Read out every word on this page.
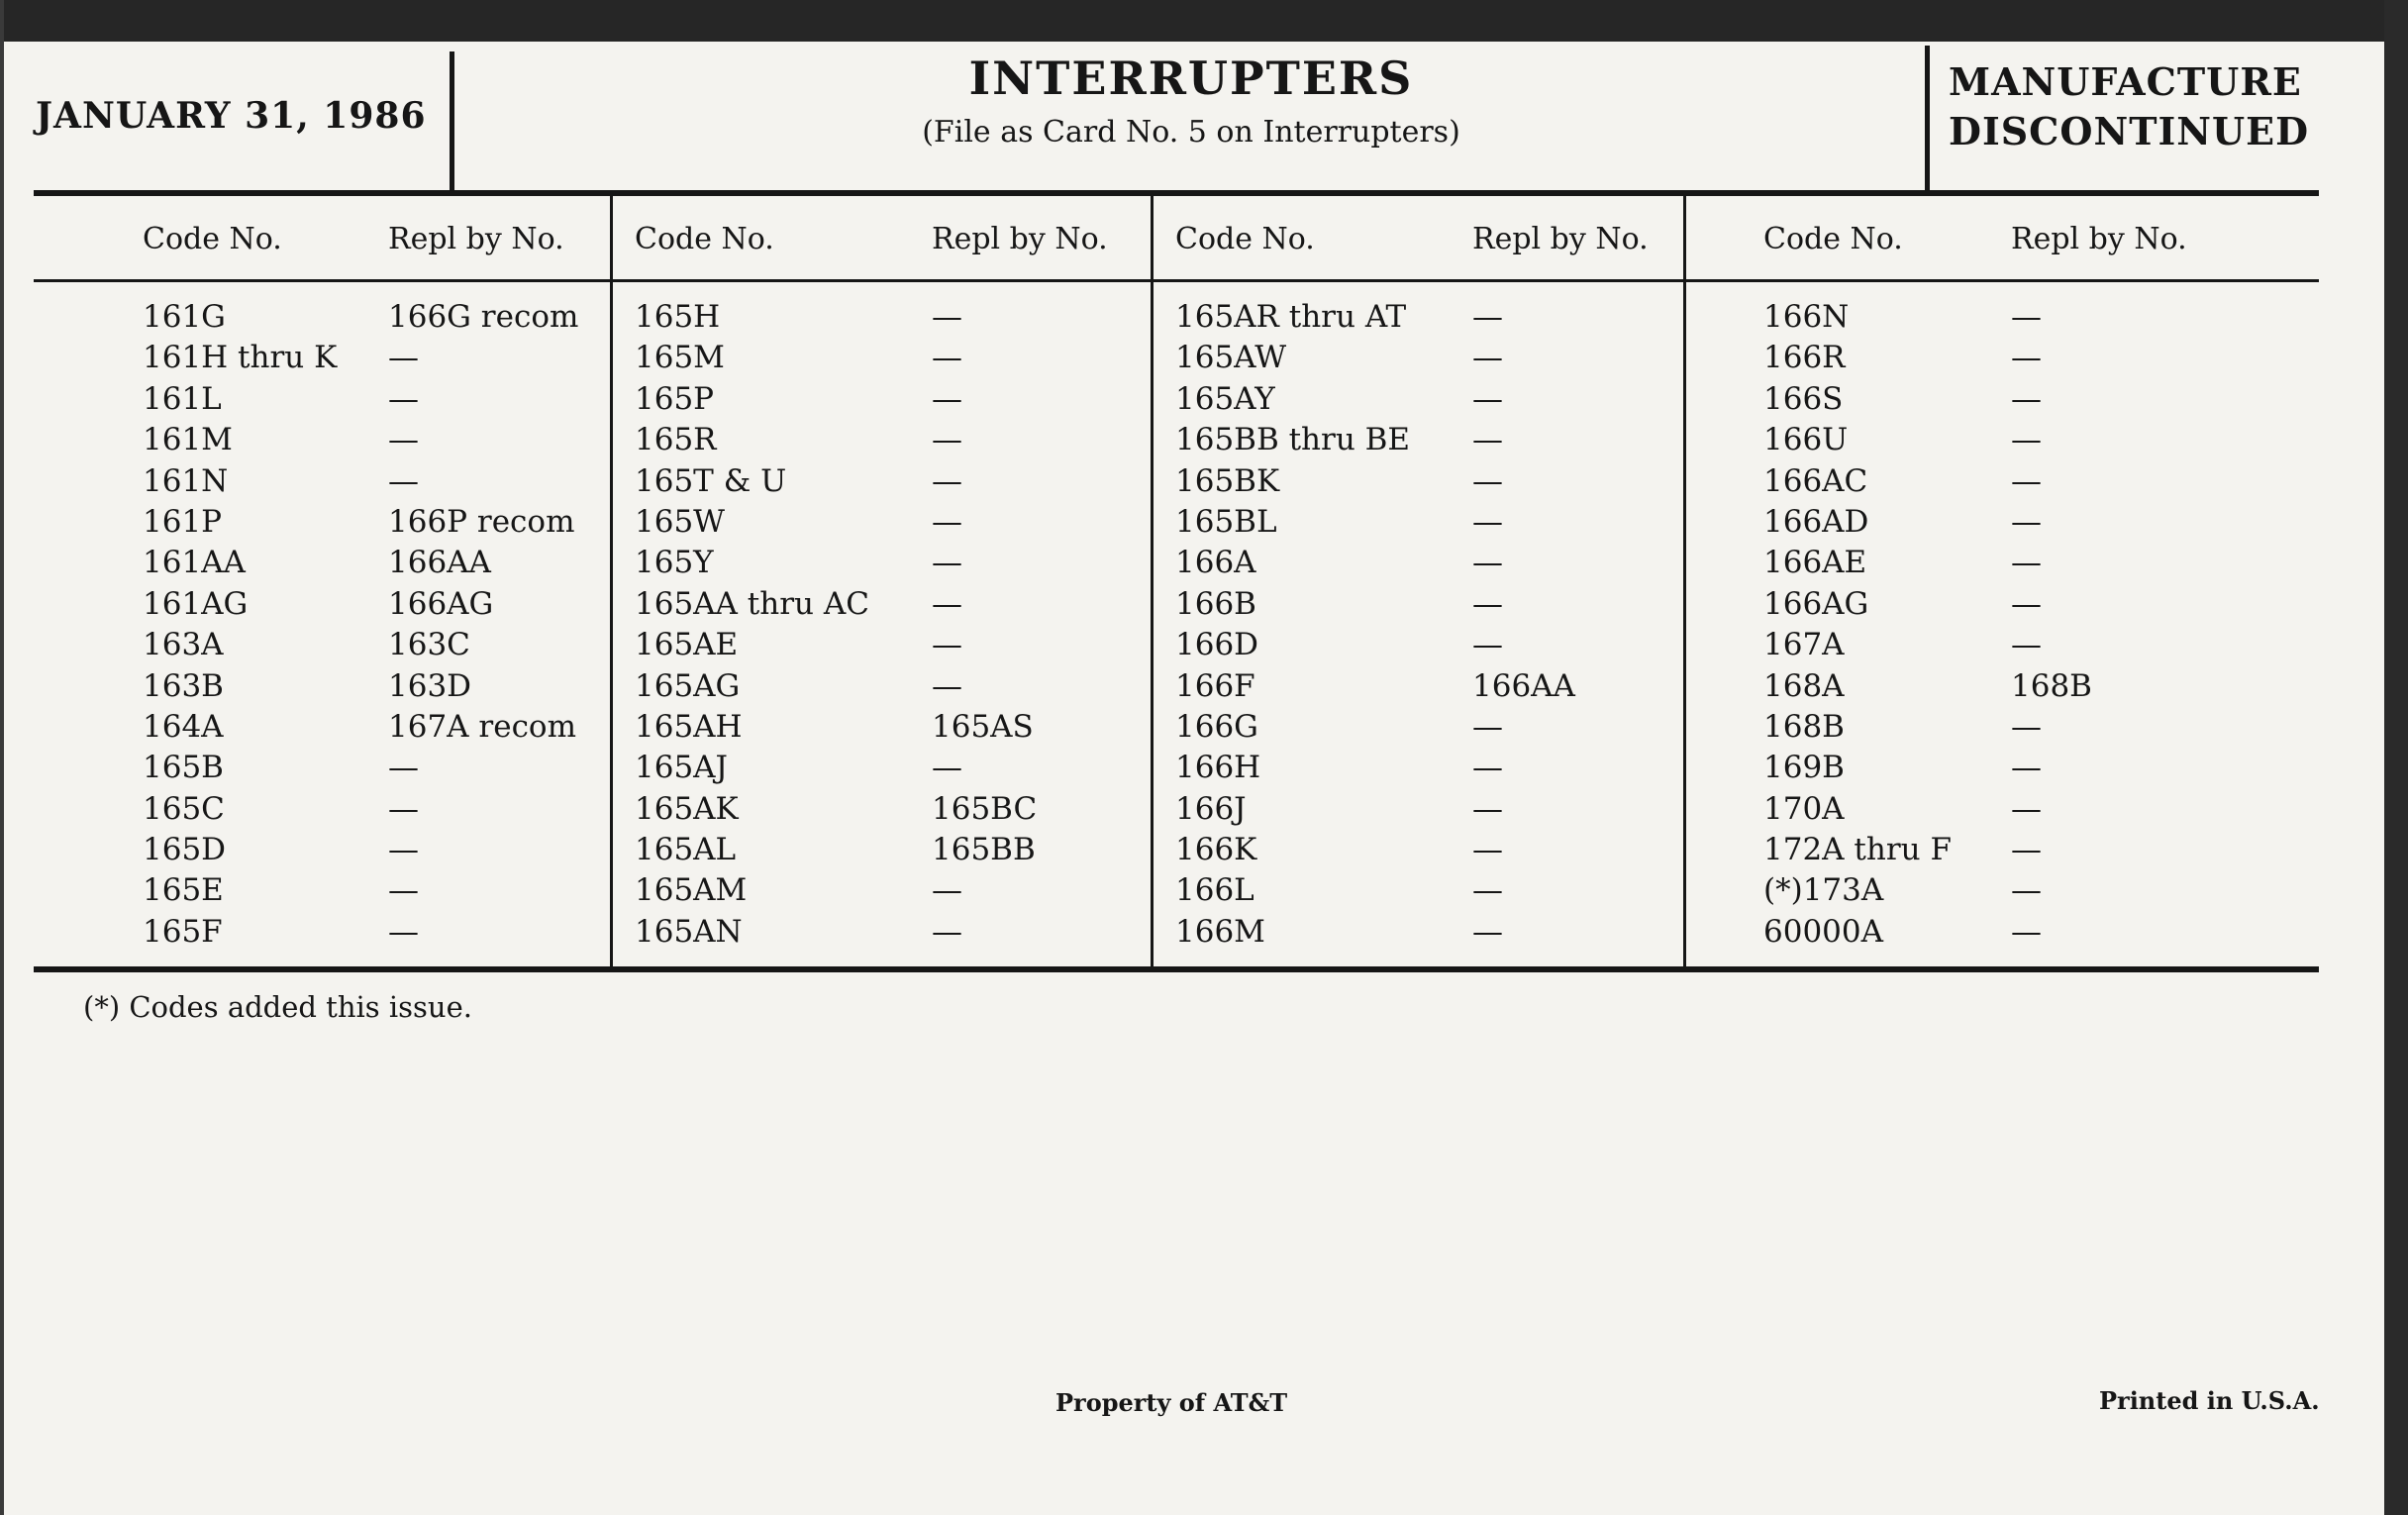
JANUARY 31, 1986
INTERRUPTERS
(File as Card No. 5 on Interrupters)
MANUFACTURE
DISCONTINUED
Code No.	Repl by No.
161G	166G recom
161H thru K —
161L	—
161M	—
161N	—
161P	166P recom
161AA	166AA
161AG	166AG
163A	163C
163B	163D
164A	167A recom
165B	—
165C	—
165D	—
165E	—
165F	—
Code No.	Repl by No.
165H	—
165M	—
165P	—
165R	—
165T & U	—
165W	—
165Y	—
165AA thru AC —
165AE	—
165AG	—
165AH	165AS
165AJ	—
165AK	165BC
165AL	165BB
165AM	—
165AN	—
Code No.	Repl by No.
165AR thru AT —
165AW	—
165AY	—
165BB thru BE —
165BK	—
165BL	—
166A	—
166B	—
166D	—
166F	166AA
166G	—
166H	—
166J	—
166K	—
166L	—
166M	—
Code No.	Repl by No.
166N	—
166R	—
166S	—
166U	—
166AC	—
166AD	—
166AE	—
166AG	—
167A	—
168A	168B
168B	—
169B	—
170A	—
172A thru F —
(*)173A	—
60000A	—
(*) Codes added this issue.
Property of AT&T	Printed in U.S.A.
